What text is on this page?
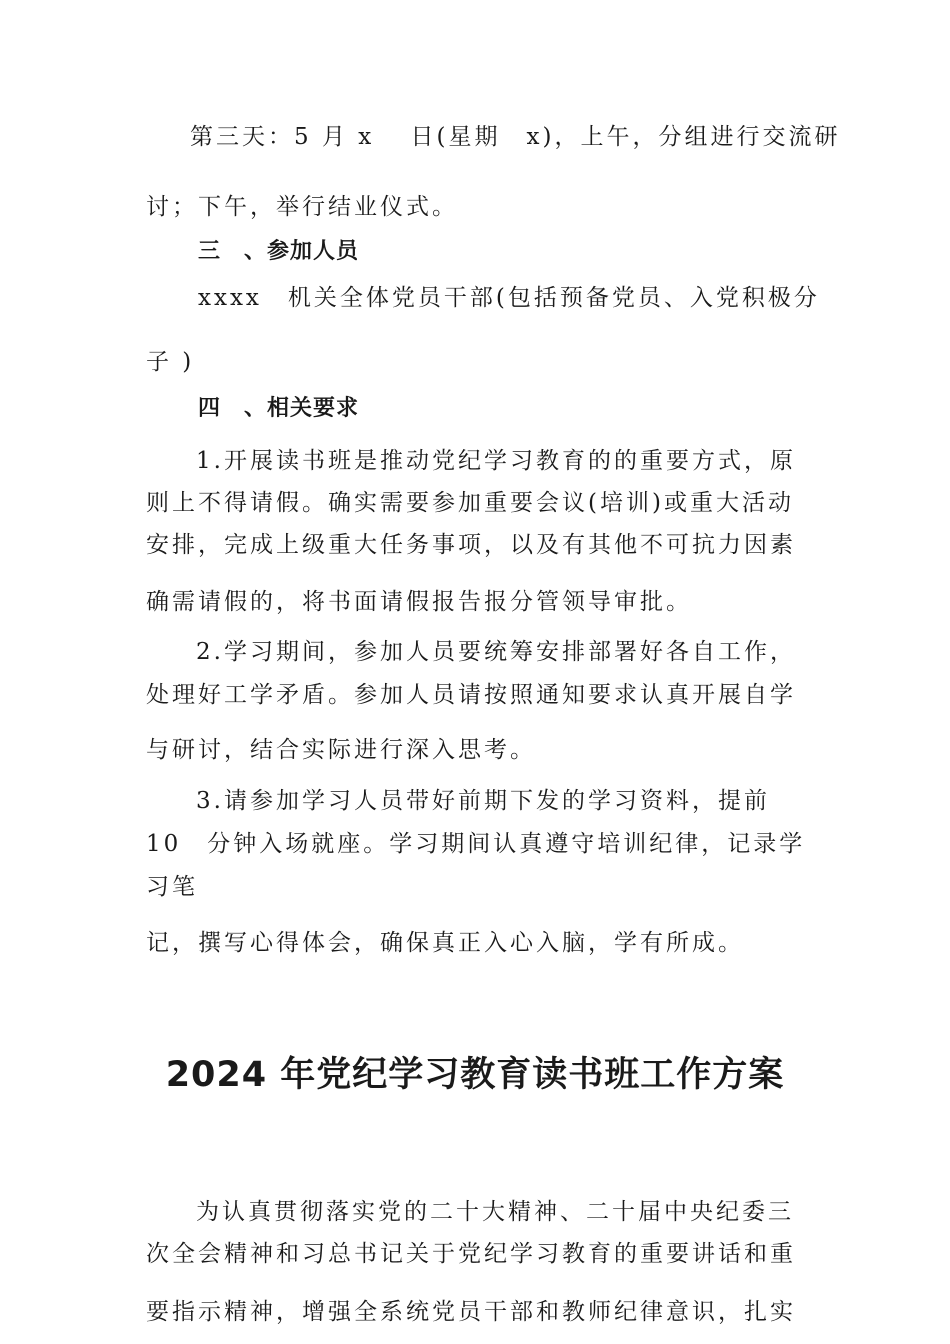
第三天：5 月 x　 日(星期　x)，上午，分组进行交流研
讨；下午，举行结业仪式。
三　、参加人员
xxxx　机关全体党员干部(包括预备党员、入党积极分
子 )
四　、相关要求
1.开展读书班是推动党纪学习教育的的重要方式，原
则上不得请假。确实需要参加重要会议(培训)或重大活动
安排，完成上级重大任务事项，以及有其他不可抗力因素
确需请假的，将书面请假报告报分管领导审批。
2.学习期间，参加人员要统筹安排部署好各自工作，
处理好工学矛盾。参加人员请按照通知要求认真开展自学
与研讨，结合实际进行深入思考。
3.请参加学习人员带好前期下发的学习资料，提前
10　分钟入场就座。学习期间认真遵守培训纪律，记录学
习笔
记，撰写心得体会，确保真正入心入脑，学有所成。
2024 年党纪学习教育读书班工作方案
为认真贯彻落实党的二十大精神、二十届中央纪委三
次全会精神和习总书记关于党纪学习教育的重要讲话和重
要指示精神，增强全系统党员干部和教师纪律意识，扎实
